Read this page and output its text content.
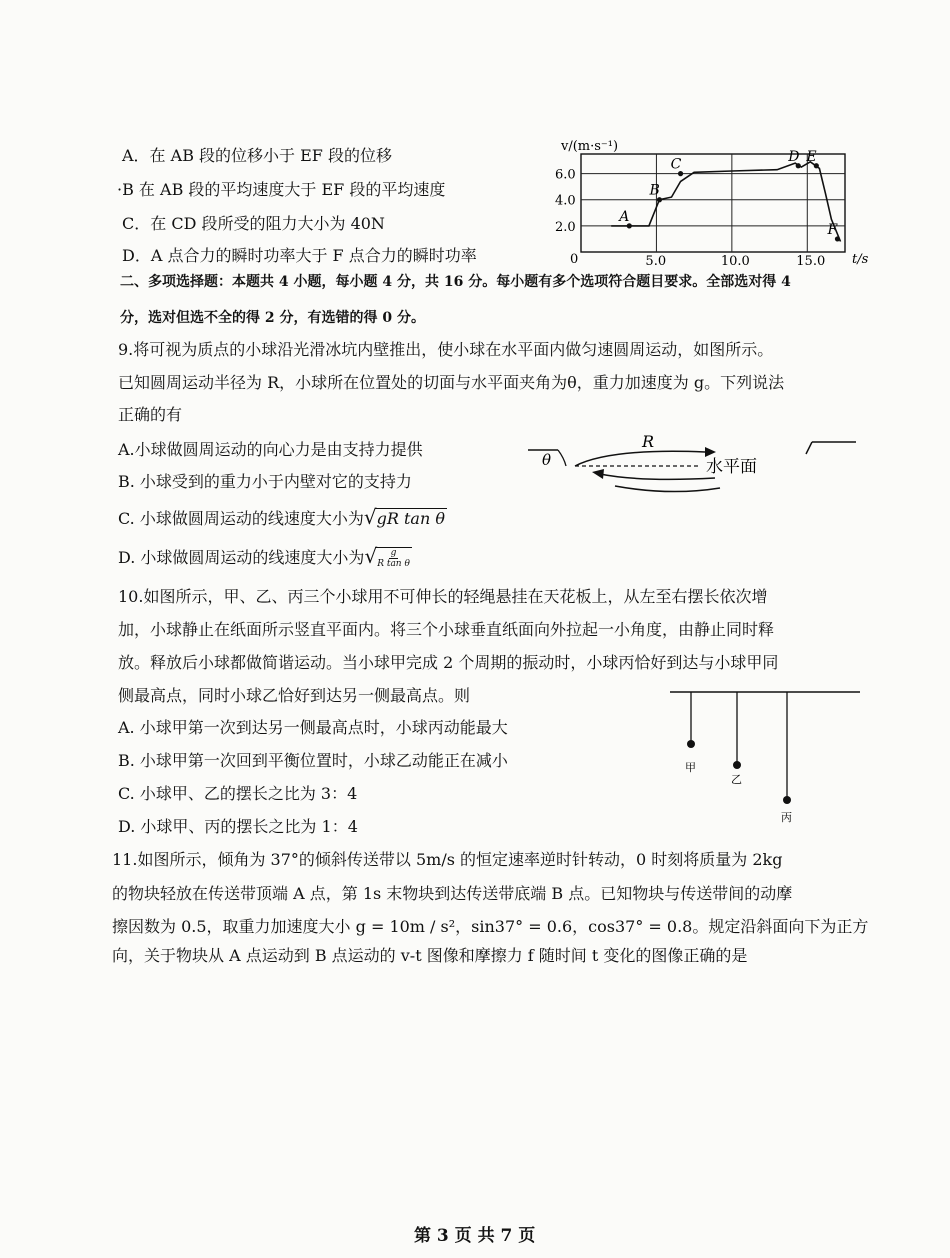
A．在 AB 段的位移小于 EF 段的位移
·B 在 AB 段的平均速度大于 EF 段的平均速度
C．在 CD 段所受的阻力大小为 40N
D．A 点合力的瞬时功率大于 F 点合力的瞬时功率	5.0	10.0	15.0
2.0
4.0
6.0
A
B
C	D E
F
v/(m·s⁻¹)
t/s
0
二、多项选择题：本题共 4 小题，每小题 4 分，共 16 分。每小题有多个选项符合题目要求。全部选对得 4
分，选对但选不全的得 2 分，有选错的得 0 分。
9.将可视为质点的小球沿光滑冰坑内壁推出，使小球在水平面内做匀速圆周运动，如图所示。
已知圆周运动半径为 R，小球所在位置处的切面与水平面夹角为θ，重力加速度为 g。下列说法
正确的有
A.小球做圆周运动的向心力是由支持力提供
B. 小球受到的重力小于内壁对它的支持力
C. 小球做圆周运动的线速度大小为√gR tan θ
D. 小球做圆周运动的线速度大小为√ $\frac{g}{\text{R tan θ}}$
θ
R
水平面
10.如图所示，甲、乙、丙三个小球用不可伸长的轻绳悬挂在天花板上，从左至右摆长依次增
加，小球静止在纸面所示竖直平面内。将三个小球垂直纸面向外拉起一小角度，由静止同时释
放。释放后小球都做简谐运动。当小球甲完成 2 个周期的振动时，小球丙恰好到达与小球甲同
侧最高点，同时小球乙恰好到达另一侧最高点。则
A. 小球甲第一次到达另一侧最高点时，小球丙动能最大
B. 小球甲第一次回到平衡位置时，小球乙动能正在减小
C. 小球甲、乙的摆长之比为 3：4
D. 小球甲、丙的摆长之比为 1：4
甲
乙
丙
11.如图所示，倾角为 37°的倾斜传送带以 5m/s 的恒定速率逆时针转动，0 时刻将质量为 2kg
的物块轻放在传送带顶端 A 点，第 1s 末物块到达传送带底端 B 点。已知物块与传送带间的动摩
擦因数为 0.5，取重力加速度大小 g = 10m / s²，sin37° = 0.6，cos37° = 0.8。规定沿斜面向下为正方
向，关于物块从 A 点运动到 B 点运动的 v-t 图像和摩擦力 f 随时间 t 变化的图像正确的是
第 3 页 共 7 页
